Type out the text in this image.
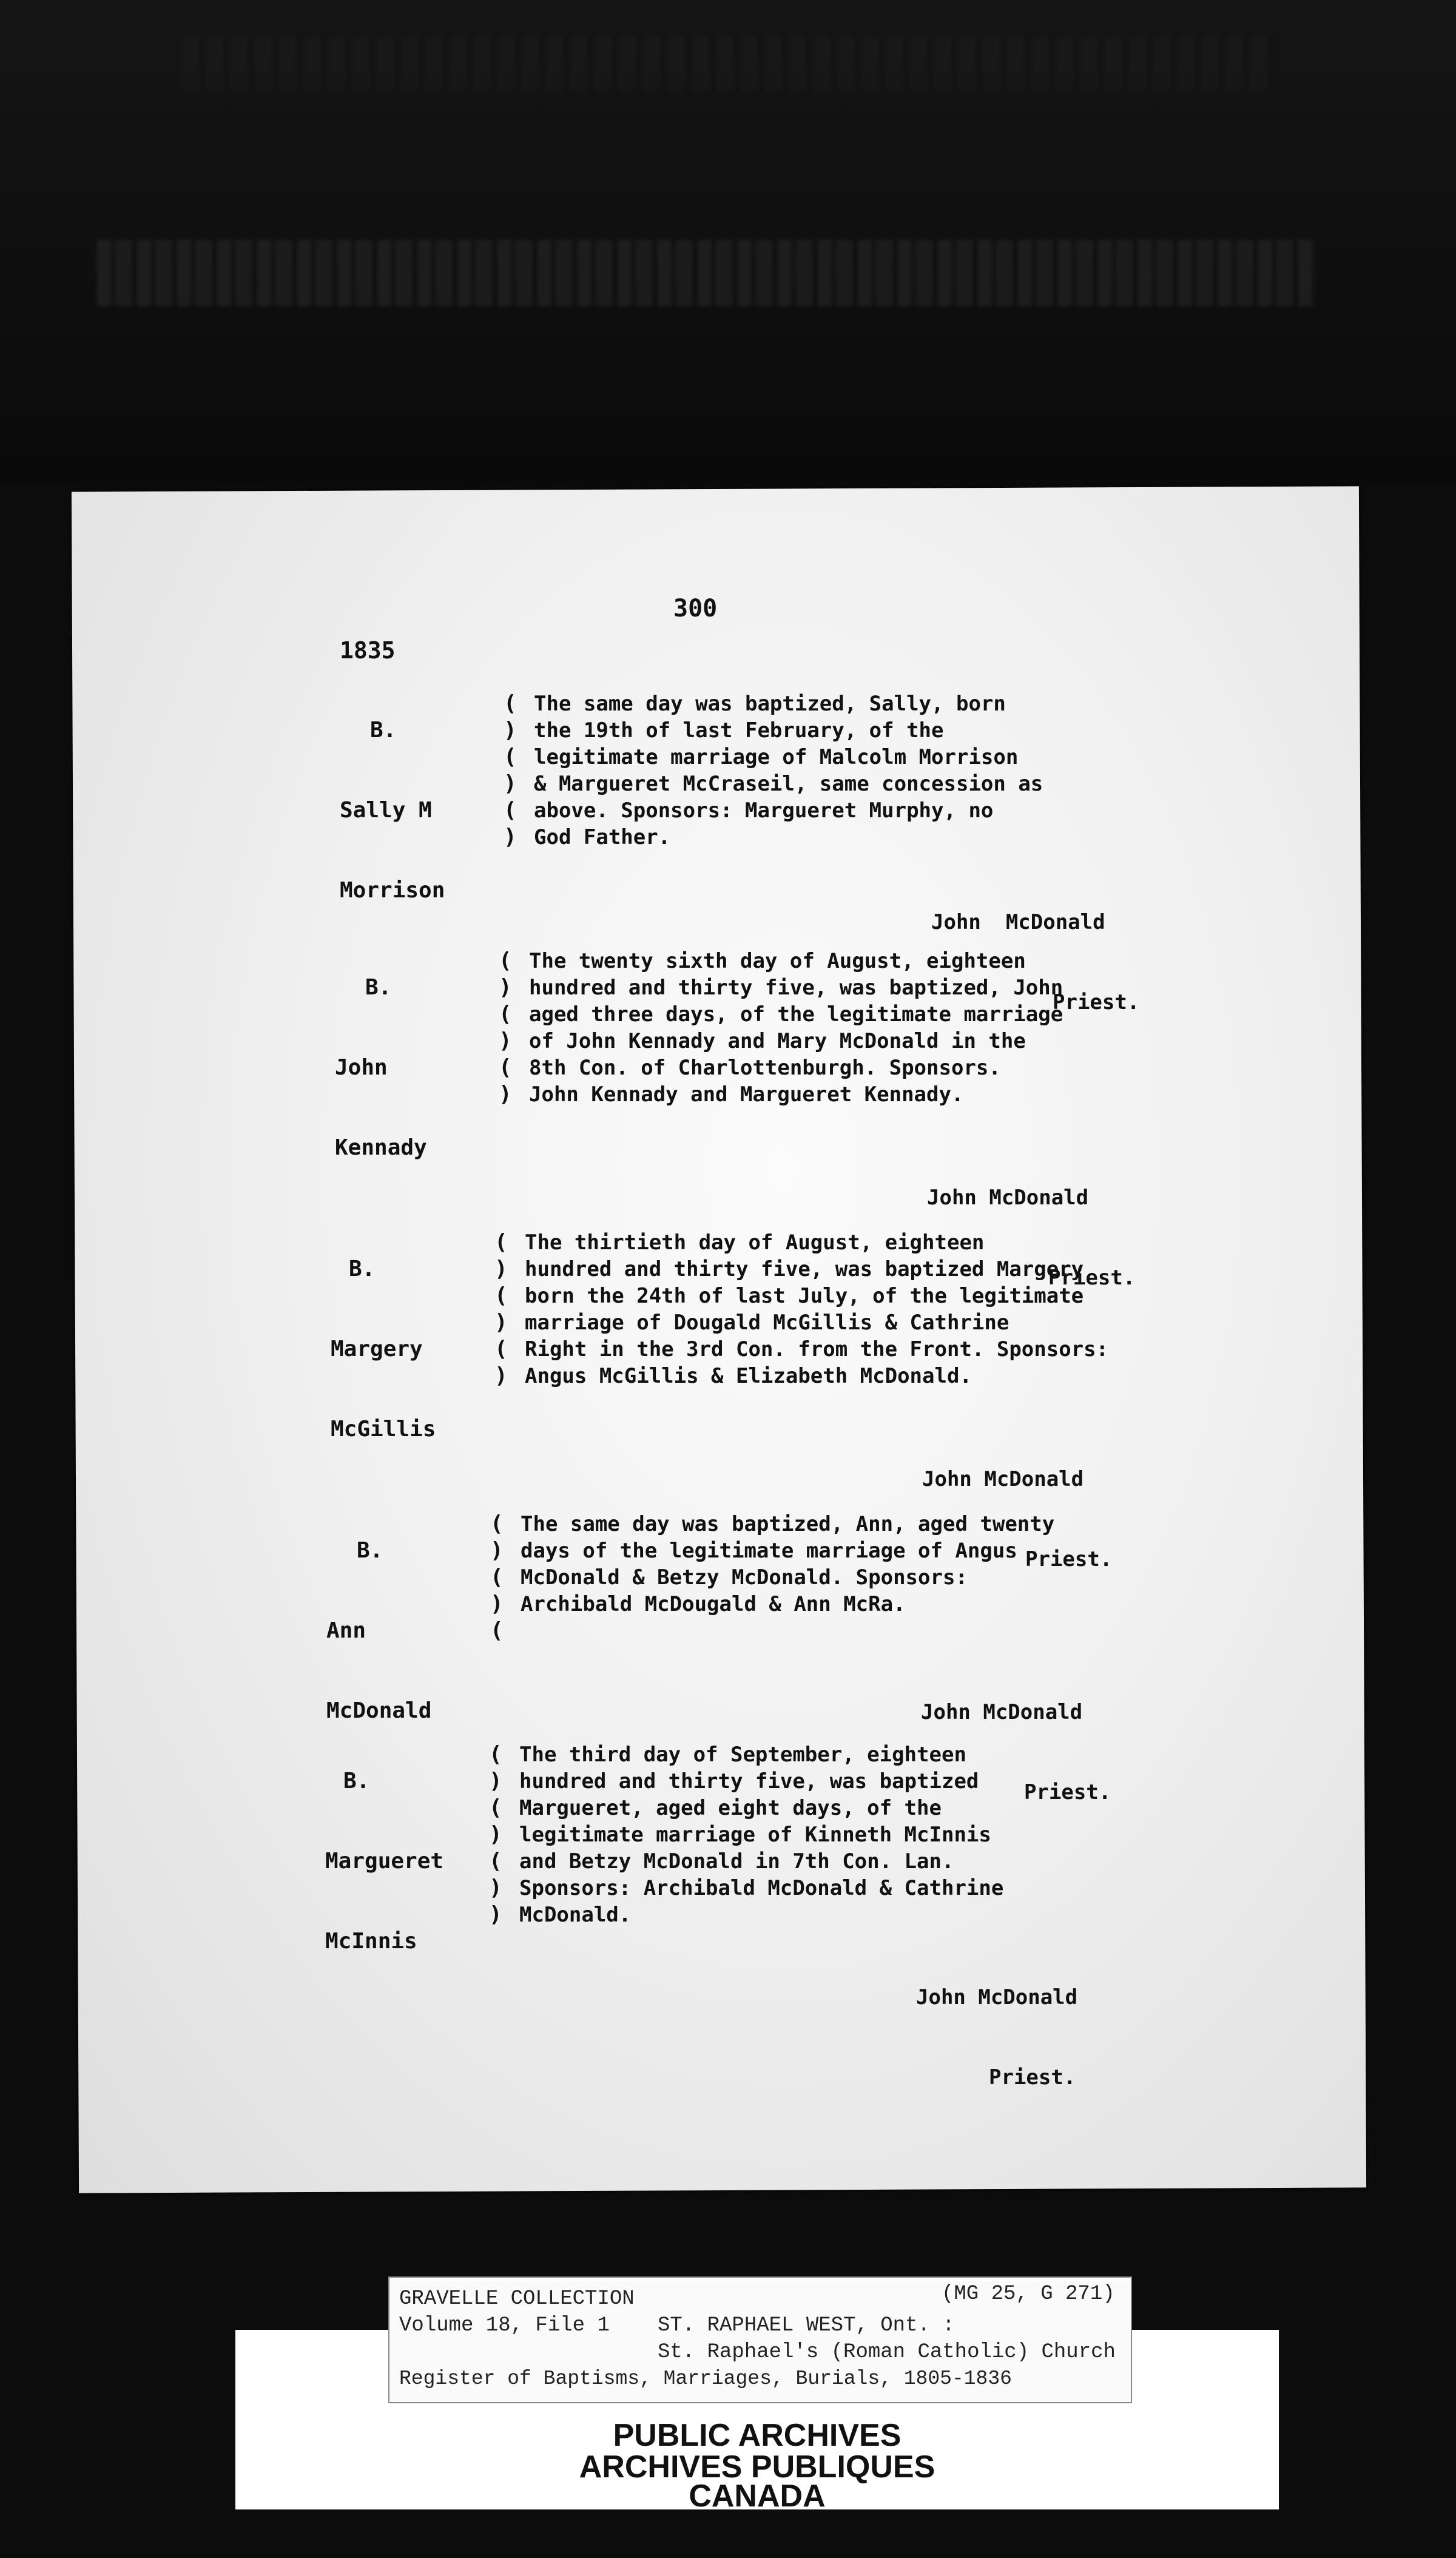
300
1835

B.

Sally M

Morrison

(
)
(
)
(
)
The same day was baptized, Sally, born
the 19th of last February, of the
legitimate marriage of Malcolm Morrison
& Margueret McCraseil, same concession as
above. Sponsors: Margueret Murphy, no
God Father.

John  McDonald

Priest.

B.

John

Kennady

(
)
(
)
(
)
The twenty sixth day of August, eighteen
hundred and thirty five, was baptized, John
aged three days, of the legitimate marriage
of John Kennady and Mary McDonald in the
8th Con. of Charlottenburgh. Sponsors.
John Kennady and Margueret Kennady.

John McDonald

Priest.

B.

Margery

McGillis

(
)
(
)
(
)
The thirtieth day of August, eighteen
hundred and thirty five, was baptized Margery
born the 24th of last July, of the legitimate
marriage of Dougald McGillis & Cathrine
Right in the 3rd Con. from the Front. Sponsors:
Angus McGillis & Elizabeth McDonald.

John McDonald

Priest.

B.

Ann

McDonald

(
)
(
)
(
The same day was baptized, Ann, aged twenty
days of the legitimate marriage of Angus
McDonald & Betzy McDonald. Sponsors:
Archibald McDougald & Ann McRa.

John McDonald

Priest.

B.

Margueret

McInnis

(
)
(
)
(
)
)
The third day of September, eighteen
hundred and thirty five, was baptized
Margueret, aged eight days, of the
legitimate marriage of Kinneth McInnis
and Betzy McDonald in 7th Con. Lan.
Sponsors: Archibald McDonald & Cathrine
McDonald.

John McDonald

Priest.

PUBLIC ARCHIVES
ARCHIVES PUBLIQUES
CANADA
GRAVELLE COLLECTION	(MG 25, G 271)
Volume 18, File 1 ST. RAPHAEL WEST, Ont. :
St. Raphael's (Roman Catholic) Church
Register of Baptisms, Marriages, Burials, 1805-1836
